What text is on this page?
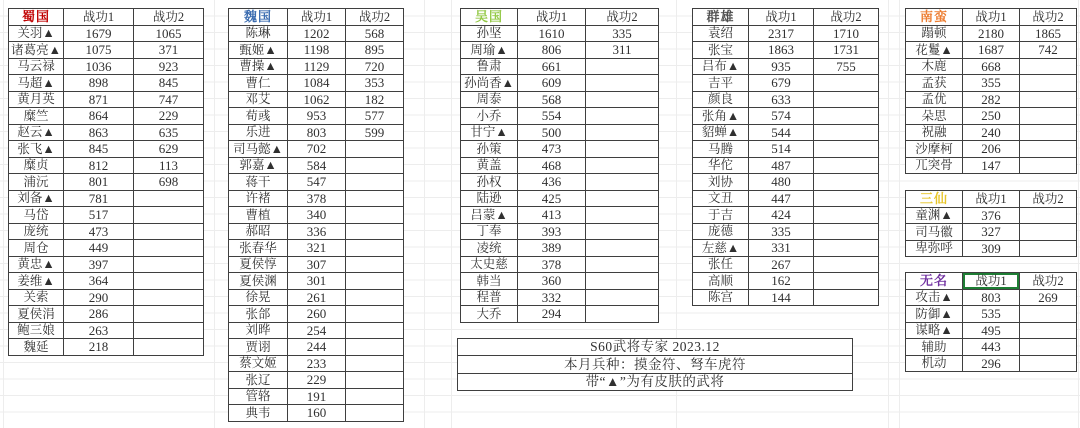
蜀国	战功1	战功2
关羽▲	1679	1065
诸葛亮▲	1075	371
马云禄	1036	923
马超▲	898	845
黄月英	871	747
糜竺	864	229
赵云▲	863	635
张飞▲	845	629
糜贞	812	113
浦沅	801	698
刘备▲	781
马岱	517
庞统	473
周仓	449
黄忠▲	397
姜维▲	364
关索	290
夏侯涓	286
鲍三娘	263
魏延	218
魏国	战功1	战功2
陈琳	1202	568
甄姬▲	1198	895
曹操▲	1129	720
曹仁	1084	353
邓艾	1062	182
荀彧	953	577
乐进	803	599
司马懿▲	702
郭嘉▲	584
蒋干	547
许褚	378
曹植	340
郝昭	336
张春华	321
夏侯惇	307
夏侯渊	301
徐晃	261
张郃	260
刘晔	254
贾诩	244
蔡文姬	233
张辽	229
管辂	191
典韦	160
吴国	战功1	战功2
孙坚	1610	335
周瑜▲	806	311
鲁肃	661
孙尚香▲	609
周泰	568
小乔	554
甘宁▲	500
孙策	473
黄盖	468
孙权	436
陆逊	425
吕蒙▲	413
丁奉	393
凌统	389
太史慈	378
韩当	360
程普	332
大乔	294
群雄	战功1	战功2
袁绍	2317	1710
张宝	1863	1731
吕布▲	935	755
吉平	679
颜良	633
张角▲	574
貂蝉▲	544
马腾	514
华佗	487
刘协	480
文丑	447
于吉	424
庞德	335
左慈▲	331
张任	267
高顺	162
陈宫	144
南蛮	战功1	战功2
蹋顿	2180	1865
花鬘▲	1687	742
木鹿	668
孟获	355
孟优	282
朵思	250
祝融	240
沙摩柯	206
兀突骨	147
三仙	战功1	战功2
童渊▲	376
司马徽	327
卑弥呼	309
无名	战功1	战功2
攻击▲	803	269
防御▲	535
谋略▲	495
辅助	443
机动	296
S60武将专家 2023.12
本月兵种：摸金符、弩车虎符
带“▲”为有皮肤的武将
